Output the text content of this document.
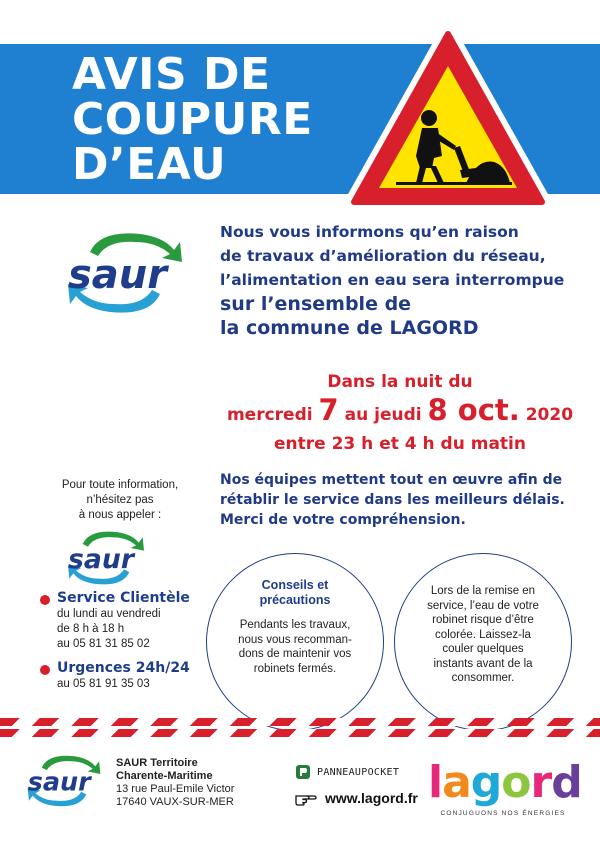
AVIS DE
COUPURE
D’EAU
saur
Nous vous informons qu’en raison
de travaux d’amélioration du réseau,
l’alimentation en eau sera interrompue
sur l’ensemble de
la commune de LAGORD
Dans la nuit du
mercredi 7 au jeudi 8 oct. 2020
entre 23 h et 4 h du matin
Pour toute information,
n’hésitez pas
à nous appeler :
saur
Service Clientèle
du lundi au vendredi
de 8 h à 18 h
au 05 81 31 85 02
Urgences 24h/24
au 05 81 91 35 03
Nos équipes mettent tout en œuvre afin de
rétablir le service dans les meilleurs délais.
Merci de votre compréhension.
Conseils et
précautions
Pendants les travaux,
nous vous recomman-
dons de maintenir vos
robinets fermés.
Lors de la remise en
service, l’eau de votre
robinet risque d’être
colorée. Laissez-la
couler quelques
instants avant de la
consommer.
saur
SAUR Territoire
Charente-Maritime
13 rue Paul-Emile Victor
17640 VAUX-SUR-MER
PANNEAUPOCKET
www.lagord.fr lagord
CONJUGUONS NOS ÉNERGIES
